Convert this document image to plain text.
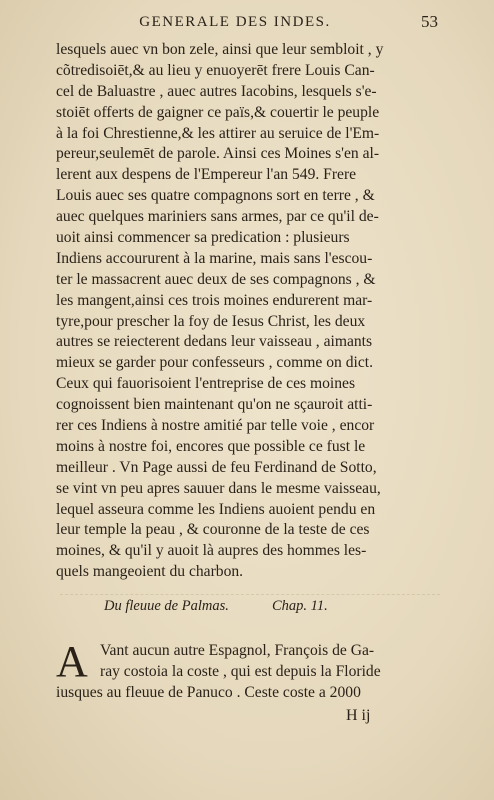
GENERALE DES INDES.	53
lesquels auec vn bon zele, ainsi que leur sembloit , y
cõtredisoiēt,& au lieu y enuoyerēt frere Louis Can-
cel de Baluastre , auec autres Iacobins, lesquels s'e-
stoiēt offerts de gaigner ce païs,& couertir le peuple
à la foi Chrestienne,& les attirer au seruice de l'Em-
pereur,seulemēt de parole. Ainsi ces Moines s'en al-
lerent aux despens de l'Empereur l'an 549. Frere
Louis auec ses quatre compagnons sort en terre , &
auec quelques mariniers sans armes, par ce qu'il de-
uoit ainsi commencer sa predication : plusieurs
Indiens accoururent à la marine, mais sans l'escou-
ter le massacrent auec deux de ses compagnons , &
les mangent,ainsi ces trois moines endurerent mar-
tyre,pour prescher la foy de Iesus Christ, les deux
autres se reiecterent dedans leur vaisseau , aimants
mieux se garder pour confesseurs , comme on dict.
Ceux qui fauorisoient l'entreprise de ces moines
cognoissent bien maintenant qu'on ne sçauroit atti-
rer ces Indiens à nostre amitié par telle voie , encor
moins à nostre foi, encores que possible ce fust le
meilleur . Vn Page aussi de feu Ferdinand de Sotto,
se vint vn peu apres sauuer dans le mesme vaisseau,
lequel asseura comme les Indiens auoient pendu en
leur temple la peau , & couronne de la teste de ces
moines, & qu'il y auoit là aupres des hommes les-
quels mangeoient du charbon.
Du fleuue de Palmas.	Chap. 11.
A Vant aucun autre Espagnol, François de Ga-
ray costoia la coste , qui est depuis la Floride
iusques au fleuue de Panuco . Ceste coste a 2000
H ij
